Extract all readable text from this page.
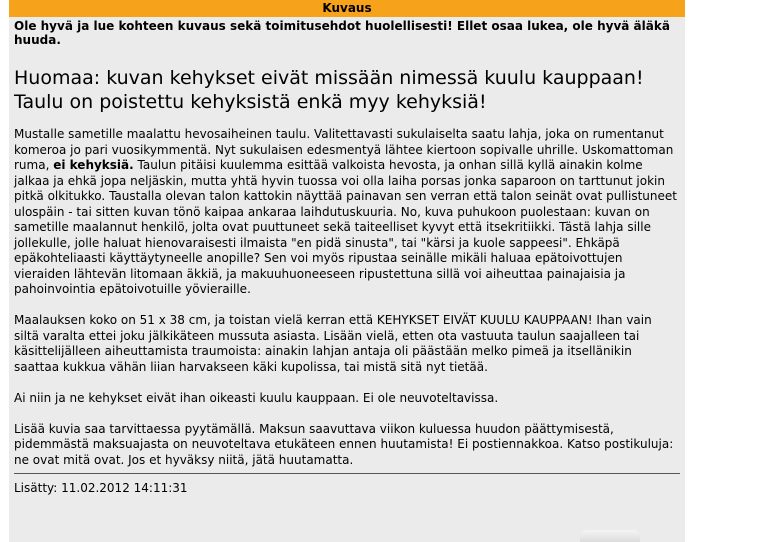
Kuvaus

Ole hyvä ja lue kohteen kuvaus sekä toimitusehdot huolellisesti! Ellet osaa lukea, ole hyvä äläkä huuda.

Huomaa: kuvan kehykset eivät missään nimessä kuulu kauppaan! Taulu on poistettu kehyksistä enkä myy kehyksiä!

Mustalle sametille maalattu hevosaiheinen taulu. Valitettavasti sukulaiselta saatu lahja, joka on rumentanut komeroa jo pari vuosikymmentä. Nyt sukulaisen edesmentyä lähtee kiertoon sopivalle uhrille. Uskomattoman ruma, ei kehyksiä. Taulun pitäisi kuulemma esittää valkoista hevosta, ja onhan sillä kyllä ainakin kolme jalkaa ja ehkä jopa neljäskin, mutta yhtä hyvin tuossa voi olla laiha porsas jonka saparoon on tarttunut jokin pitkä olkitukko. Taustalla olevan talon kattokin näyttää painavan sen verran että talon seinät ovat pullistuneet ulospäin - tai sitten kuvan tönö kaipaa ankaraa laihdutuskuuria. No, kuva puhukoon puolestaan: kuvan on sametille maalannut henkilö, jolta ovat puuttuneet sekä taiteelliset kyvyt että itsekritiikki. Tästä lahja sille jollekulle, jolle haluat hienovaraisesti ilmaista "en pidä sinusta", tai "kärsi ja kuole sappeesi". Ehkäpä epäkohteliaasti käyttäytyneelle anopille? Sen voi myös ripustaa seinälle mikäli haluaa epätoivottujen vieraiden lähtevän litomaan äkkiä, ja makuuhuoneeseen ripustettuna sillä voi aiheuttaa painajaisia ja pahoinvointia epätoivotuille yövieraille.

Maalauksen koko on 51 x 38 cm, ja toistan vielä kerran että KEHYKSET EIVÄT KUULU KAUPPAAN! Ihan vain siltä varalta ettei joku jälkikäteen mussuta asiasta. Lisään vielä, etten ota vastuuta taulun saajalleen tai käsittelijälleen aiheuttamista traumoista: ainakin lahjan antaja oli päästään melko pimeä ja itsellänikin saattaa kukkua vähän liian harvakseen käki kupolissa, tai mistä sitä nyt tietää.

Ai niin ja ne kehykset eivät ihan oikeasti kuulu kauppaan. Ei ole neuvoteltavissa.

Lisää kuvia saa tarvittaessa pyytämällä. Maksun saavuttava viikon kuluessa huudon päättymisestä, pidemmästä maksuajasta on neuvoteltava etukäteen ennen huutamista! Ei postiennakkoa. Katso postikuluja: ne ovat mitä ovat. Jos et hyväksy niitä, jätä huutamatta.

Lisätty: 11.02.2012 14:11:31
